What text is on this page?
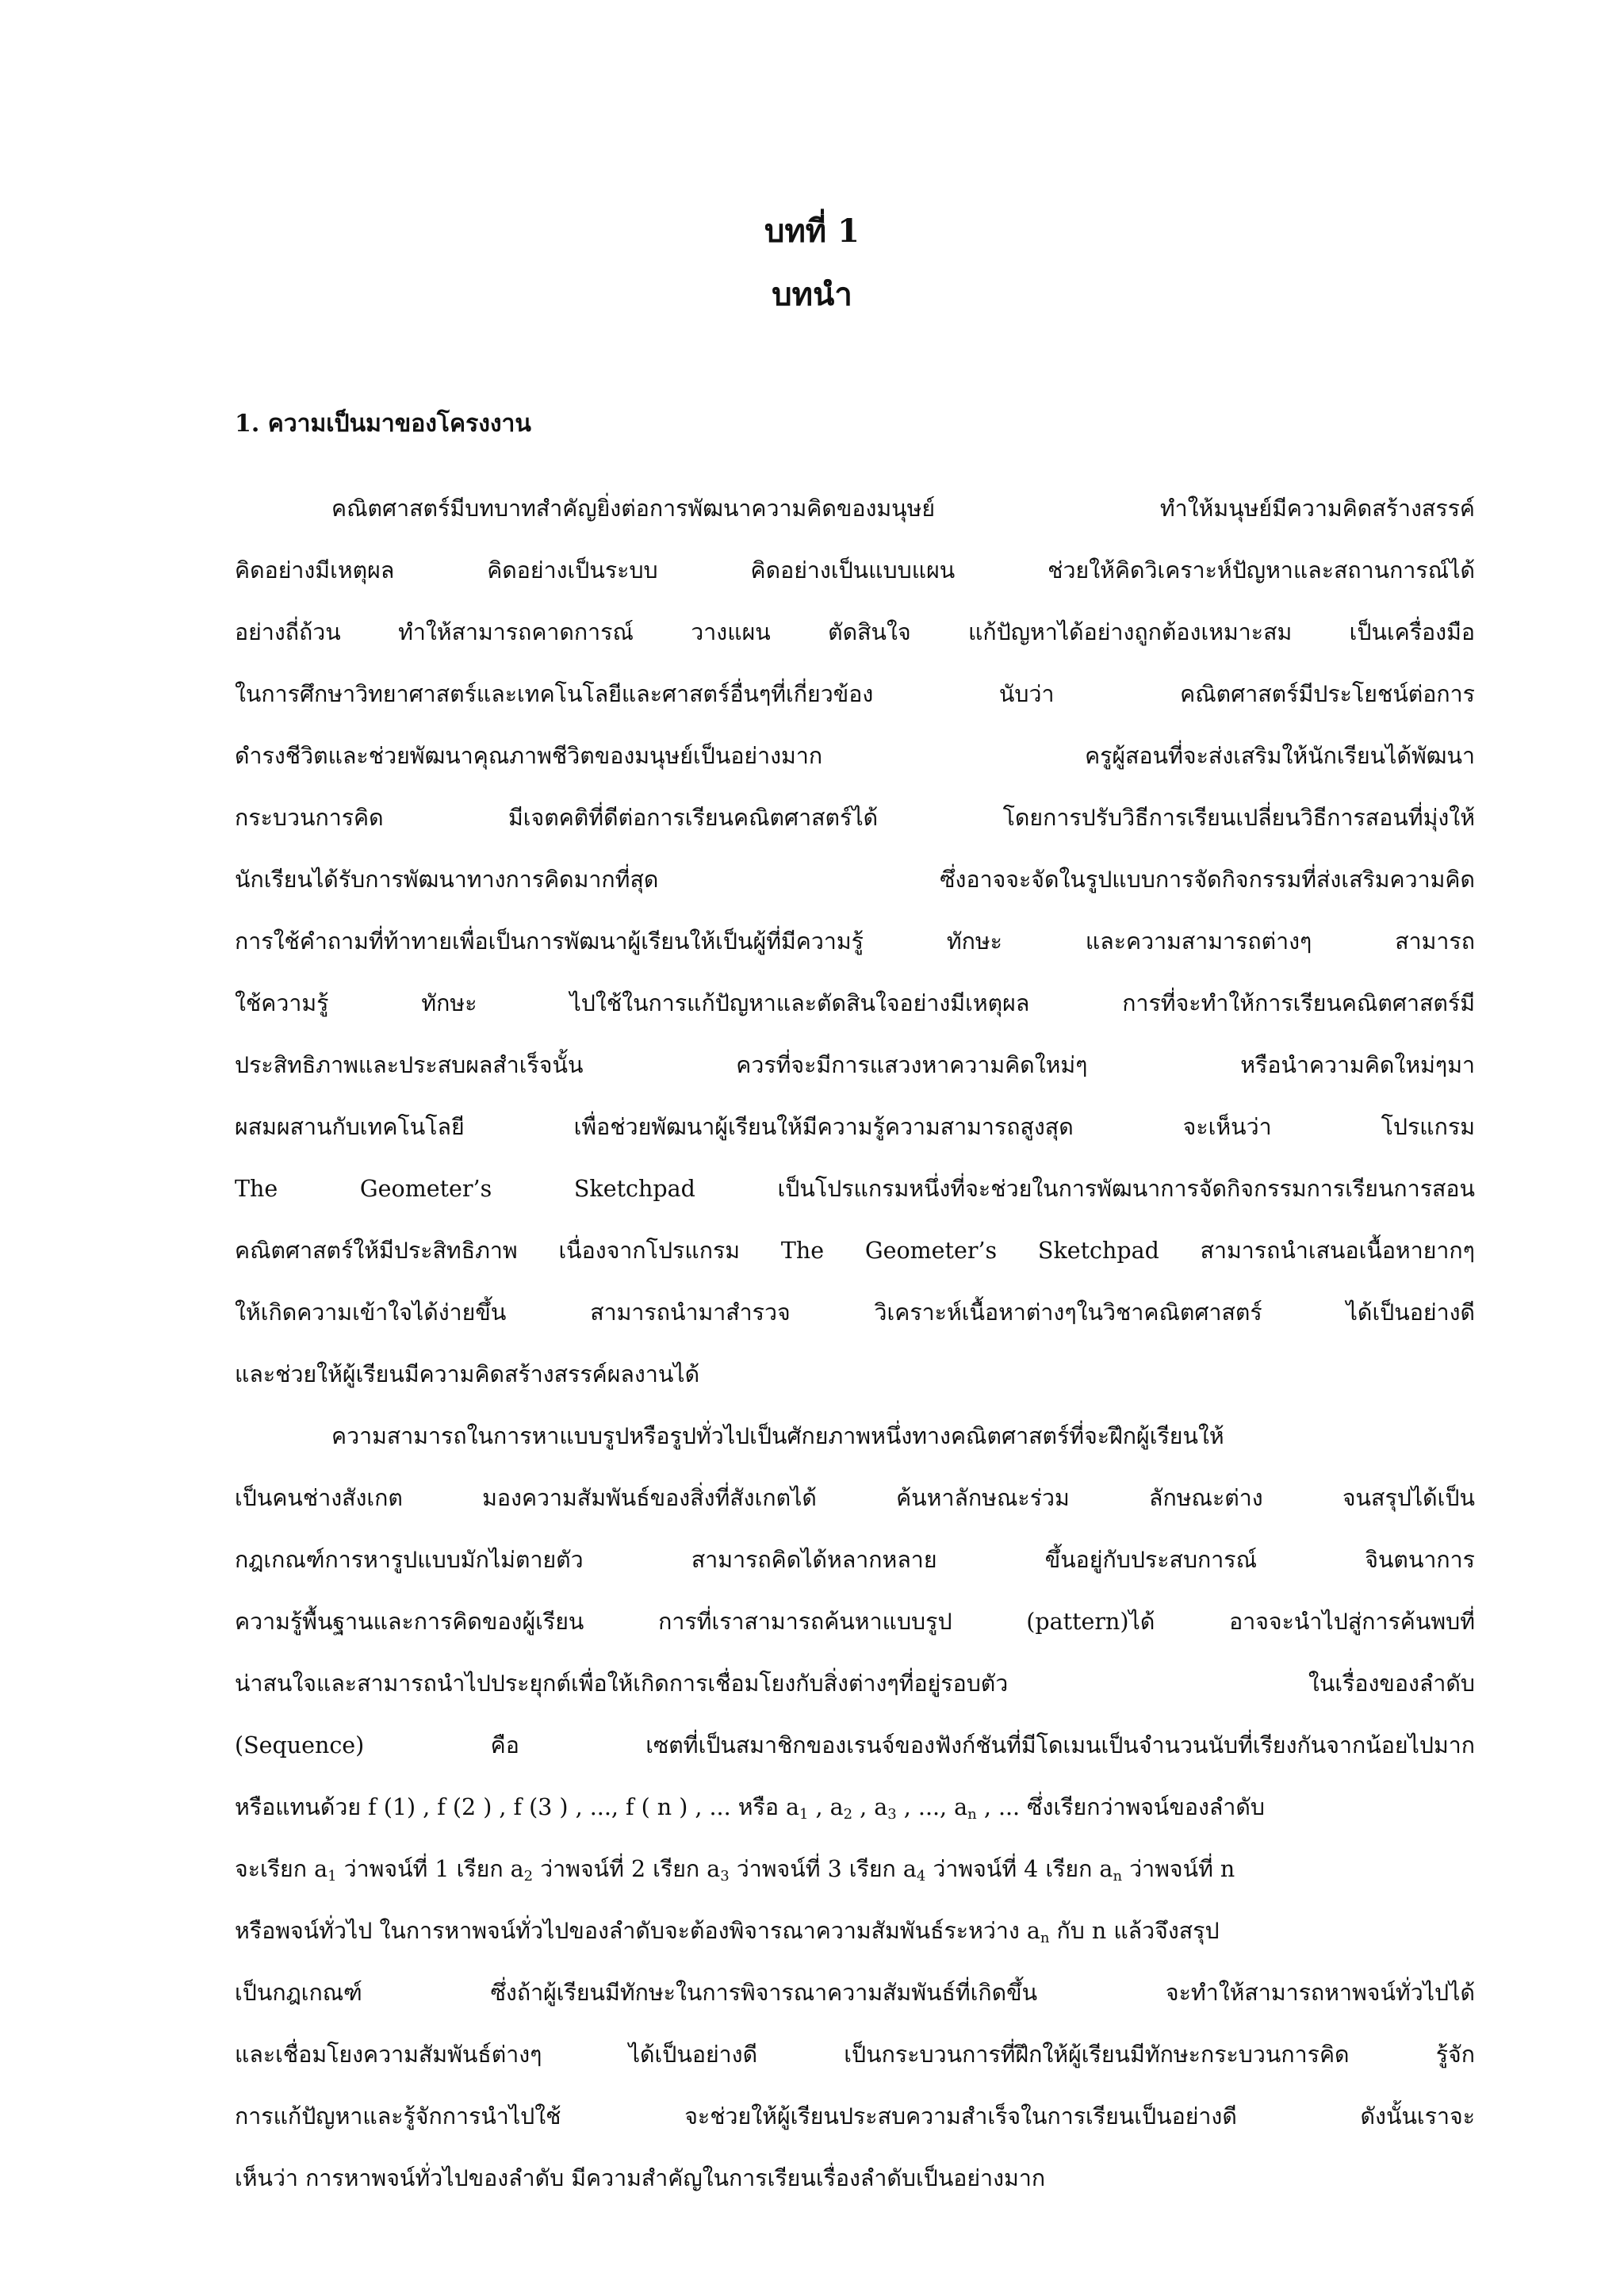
บทที่ 1
บทนำ
1. ความเป็นมาของโครงงาน
คณิตศาสตร์มีบทบาทสำคัญยิ่งต่อการพัฒนาความคิดของมนุษย์ ทำให้มนุษย์มีความคิดสร้างสรรค์
คิดอย่างมีเหตุผล คิดอย่างเป็นระบบ คิดอย่างเป็นแบบแผน ช่วยให้คิดวิเคราะห์ปัญหาและสถานการณ์ได้
อย่างถี่ถ้วน ทำให้สามารถคาดการณ์ วางแผน ตัดสินใจ แก้ปัญหาได้อย่างถูกต้องเหมาะสม เป็นเครื่องมือ
ในการศึกษาวิทยาศาสตร์และเทคโนโลยีและศาสตร์อื่นๆที่เกี่ยวข้อง นับว่า คณิตศาสตร์มีประโยชน์ต่อการ
ดำรงชีวิตและช่วยพัฒนาคุณภาพชีวิตของมนุษย์เป็นอย่างมาก ครูผู้สอนที่จะส่งเสริมให้นักเรียนได้พัฒนา
กระบวนการคิด มีเจตคติที่ดีต่อการเรียนคณิตศาสตร์ได้ โดยการปรับวิธีการเรียนเปลี่ยนวิธีการสอนที่มุ่งให้
นักเรียนได้รับการพัฒนาทางการคิดมากที่สุด ซึ่งอาจจะจัดในรูปแบบการจัดกิจกรรมที่ส่งเสริมความคิด
การใช้คำถามที่ท้าทายเพื่อเป็นการพัฒนาผู้เรียนให้เป็นผู้ที่มีความรู้ ทักษะ และความสามารถต่างๆ สามารถ
ใช้ความรู้ ทักษะ ไปใช้ในการแก้ปัญหาและตัดสินใจอย่างมีเหตุผล การที่จะทำให้การเรียนคณิตศาสตร์มี
ประสิทธิภาพและประสบผลสำเร็จนั้น ควรที่จะมีการแสวงหาความคิดใหม่ๆ หรือนำความคิดใหม่ๆมา
ผสมผสานกับเทคโนโลยี เพื่อช่วยพัฒนาผู้เรียนให้มีความรู้ความสามารถสูงสุด จะเห็นว่า โปรแกรม
The Geometer’s Sketchpad เป็นโปรแกรมหนึ่งที่จะช่วยในการพัฒนาการจัดกิจกรรมการเรียนการสอน
คณิตศาสตร์ให้มีประสิทธิภาพ เนื่องจากโปรแกรม The Geometer’s Sketchpad สามารถนำเสนอเนื้อหายากๆ
ให้เกิดความเข้าใจได้ง่ายขึ้น สามารถนำมาสำรวจ วิเคราะห์เนื้อหาต่างๆในวิชาคณิตศาสตร์ ได้เป็นอย่างดี
และช่วยให้ผู้เรียนมีความคิดสร้างสรรค์ผลงานได้
ความสามารถในการหาแบบรูปหรือรูปทั่วไปเป็นศักยภาพหนึ่งทางคณิตศาสตร์ที่จะฝึกผู้เรียนให้
เป็นคนช่างสังเกต มองความสัมพันธ์ของสิ่งที่สังเกตได้ ค้นหาลักษณะร่วม ลักษณะต่าง จนสรุปได้เป็น
กฎเกณฑ์การหารูปแบบมักไม่ตายตัว สามารถคิดได้หลากหลาย ขึ้นอยู่กับประสบการณ์ จินตนาการ
ความรู้พื้นฐานและการคิดของผู้เรียน การที่เราสามารถค้นหาแบบรูป (pattern)ได้ อาจจะนำไปสู่การค้นพบที่
น่าสนใจและสามารถนำไปประยุกต์เพื่อให้เกิดการเชื่อมโยงกับสิ่งต่างๆที่อยู่รอบตัว ในเรื่องของลำดับ
(Sequence) คือ เซตที่เป็นสมาชิกของเรนจ์ของฟังก์ชันที่มีโดเมนเป็นจำนวนนับที่เรียงกันจากน้อยไปมาก
หรือแทนด้วย f (1) , f (2 ) , f (3 ) , ..., f ( n ) , ... หรือ $a_1$ , $a_2$ , $a_3$ , ..., $a_n$ , ... ซึ่งเรียกว่าพจน์ของลำดับ
จะเรียก $a_1$ ว่าพจน์ที่ 1 เรียก $a_2$ ว่าพจน์ที่ 2 เรียก $a_3$ ว่าพจน์ที่ 3 เรียก $a_4$ ว่าพจน์ที่ 4 เรียก $a_n$ ว่าพจน์ที่ n
หรือพจน์ทั่วไป ในการหาพจน์ทั่วไปของลำดับจะต้องพิจารณาความสัมพันธ์ระหว่าง $a_n$ กับ n แล้วจึงสรุป
เป็นกฎเกณฑ์ ซึ่งถ้าผู้เรียนมีทักษะในการพิจารณาความสัมพันธ์ที่เกิดขึ้น จะทำให้สามารถหาพจน์ทั่วไปได้
และเชื่อมโยงความสัมพันธ์ต่างๆ ได้เป็นอย่างดี เป็นกระบวนการที่ฝึกให้ผู้เรียนมีทักษะกระบวนการคิด รู้จัก
การแก้ปัญหาและรู้จักการนำไปใช้ จะช่วยให้ผู้เรียนประสบความสำเร็จในการเรียนเป็นอย่างดี ดังนั้นเราจะ
เห็นว่า การหาพจน์ทั่วไปของลำดับ มีความสำคัญในการเรียนเรื่องลำดับเป็นอย่างมาก
